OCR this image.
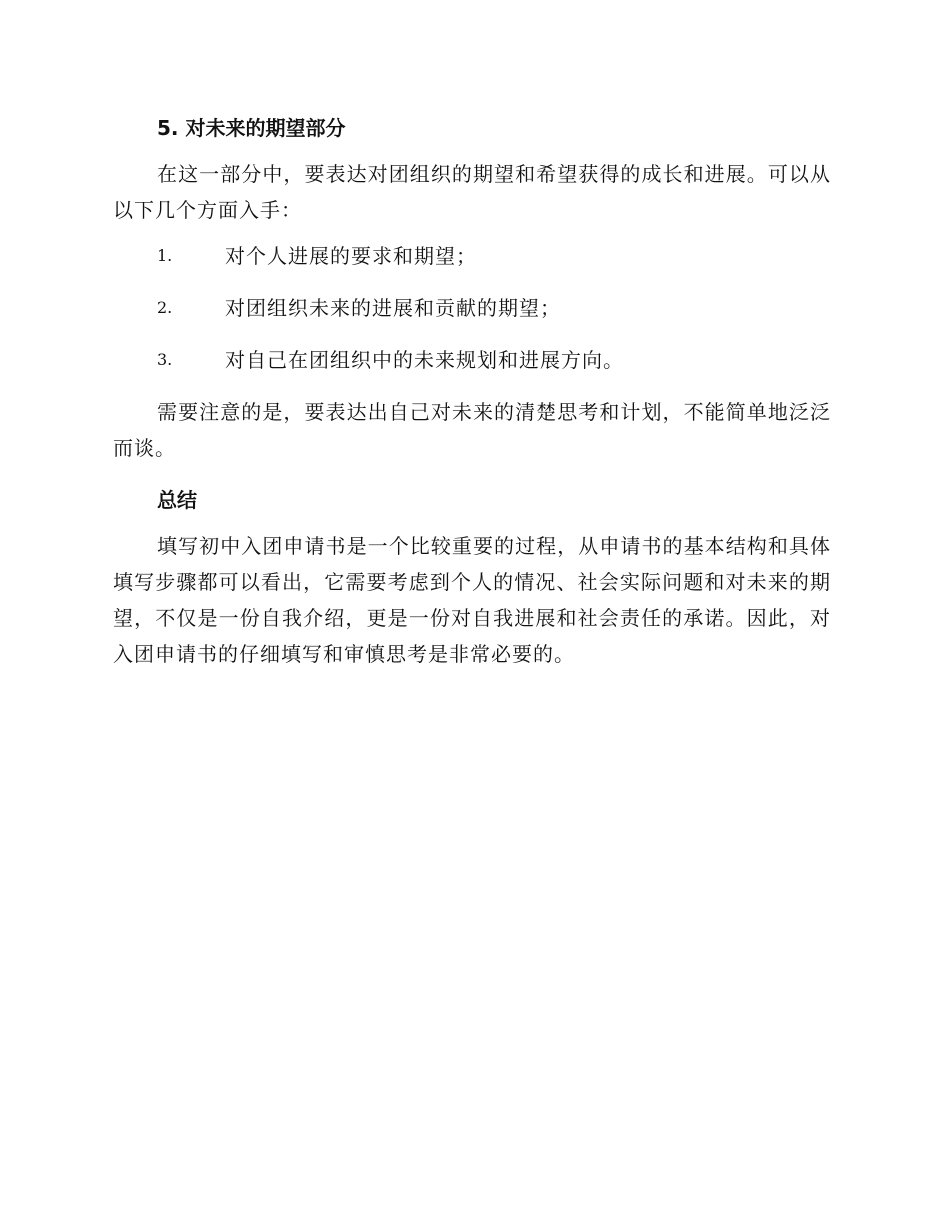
5. 对未来的期望部分

在这一部分中，要表达对团组织的期望和希望获得的成长和进展。可以从以下几个方面入手：

1.	对个人进展的要求和期望；
2.	对团组织未来的进展和贡献的期望；
3.	对自己在团组织中的未来规划和进展方向。

需要注意的是，要表达出自己对未来的清楚思考和计划，不能简单地泛泛而谈。

总结

填写初中入团申请书是一个比较重要的过程，从申请书的基本结构和具体填写步骤都可以看出，它需要考虑到个人的情况、社会实际问题和对未来的期望，不仅是一份自我介绍，更是一份对自我进展和社会责任的承诺。因此，对入团申请书的仔细填写和审慎思考是非常必要的。
